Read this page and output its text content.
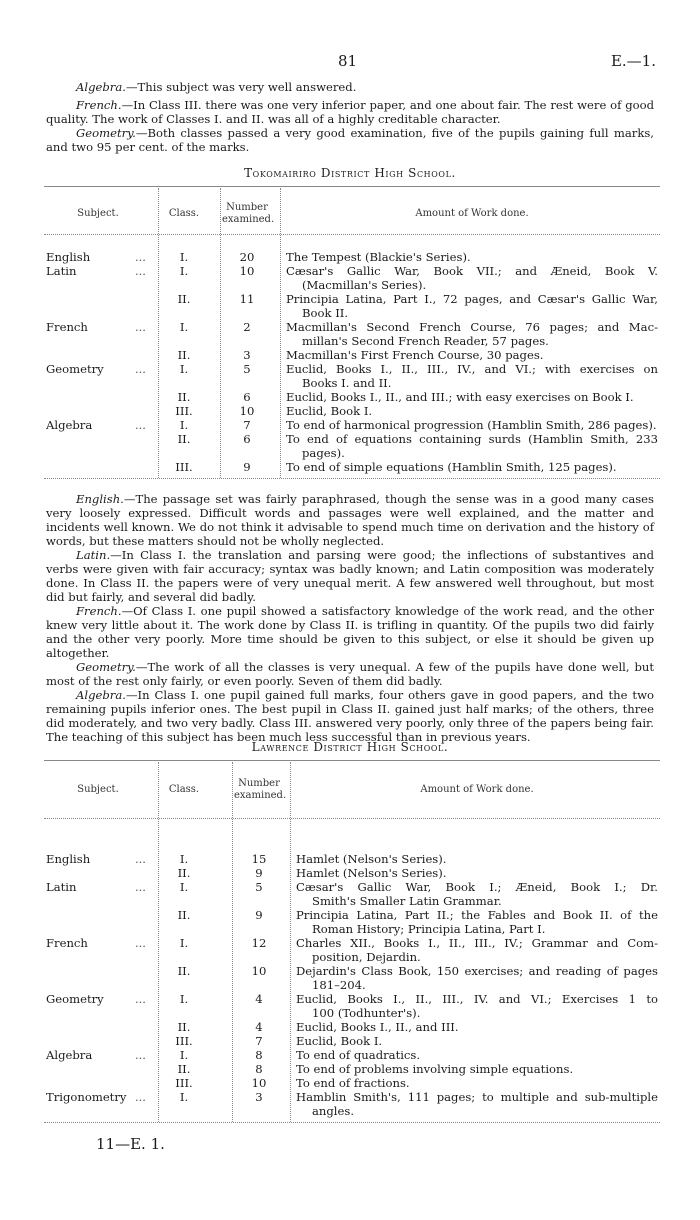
81	E.—1.
Tokomairiro District High School.
Subject.	Class.
Number
examined.
Amount of Work done.
English	...	I.	20	The Tempest (Blackie's Series).
Latin	...	I.	10	Cæsar's Gallic War, Book VII.; and Æneid, Book V.
(Macmillan's Series).
II.	11	Principia Latina, Part I., 72 pages, and Cæsar's Gallic War,
Book II.
French	...	I.	2	Macmillan's Second French Course, 76 pages; and Mac-
millan's Second French Reader, 57 pages.
II.	3	Macmillan's First French Course, 30 pages.
Geometry	...	I.	5	Euclid, Books I., II., III., IV., and VI.; with exercises on
Books I. and II.
II.	6	Euclid, Books I., II., and III.; with easy exercises on Book I.
III.	10	Euclid, Book I.
Algebra	...	I.	7	To end of harmonical progression (Hamblin Smith, 286 pages).
II.	6	To end of equations containing surds (Hamblin Smith, 233
pages).
III.	9	To end of simple equations (Hamblin Smith, 125 pages).
Lawrence District High School.
Subject.	Class.
Number
examined.
Amount of Work done.
English	...	I.	15	Hamlet (Nelson's Series).
II.	9	Hamlet (Nelson's Series).
Latin	...	I.	5	Cæsar's Gallic War, Book I.; Æneid, Book I.; Dr.
Smith's Smaller Latin Grammar.
II.	9	Principia Latina, Part II.; the Fables and Book II. of the
Roman History; Principia Latina, Part I.
French	...	I.	12	Charles XII., Books I., II., III., IV.; Grammar and Com-
position, Dejardin.
II.	10	Dejardin's Class Book, 150 exercises; and reading of pages
181–204.
Geometry	...	I.	4	Euclid, Books I., II., III., IV. and VI.; Exercises 1 to
100 (Todhunter's).
II.	4	Euclid, Books I., II., and III.
III.	7	Euclid, Book I.
Algebra	...	I.	8	To end of quadratics.
II.	8	To end of problems involving simple equations.
III.	10	To end of fractions.
Trigonometry ...	I.	3	Hamblin Smith's, 111 pages; to multiple and sub-multiple
angles.
11—E. 1.
Algebra.—This subject was very well answered.
French.—In Class III. there was one very inferior paper, and one about fair. The rest were of good quality. The work of Classes I. and II. was all of a highly creditable character.
Geometry.—Both classes passed a very good examination, five of the pupils gaining full marks, and two 95 per cent. of the marks.
English.—The passage set was fairly paraphrased, though the sense was in a good many cases very loosely expressed. Difficult words and passages were well explained, and the matter and incidents well known. We do not think it advisable to spend much time on derivation and the history of words, but these matters should not be wholly neglected.
Latin.—In Class I. the translation and parsing were good; the inflections of substantives and verbs were given with fair accuracy; syntax was badly known; and Latin composition was moderately done. In Class II. the papers were of very unequal merit. A few answered well throughout, but most did but fairly, and several did badly.
French.—Of Class I. one pupil showed a satisfactory knowledge of the work read, and the other knew very little about it. The work done by Class II. is trifling in quantity. Of the pupils two did fairly and the other very poorly. More time should be given to this subject, or else it should be given up altogether.
Geometry.—The work of all the classes is very unequal. A few of the pupils have done well, but most of the rest only fairly, or even poorly. Seven of them did badly.
Algebra.—In Class I. one pupil gained full marks, four others gave in good papers, and the two remaining pupils inferior ones. The best pupil in Class II. gained just half marks; of the others, three did moderately, and two very badly. Class III. answered very poorly, only three of the papers being fair. The teaching of this subject has been much less successful than in previous years.
